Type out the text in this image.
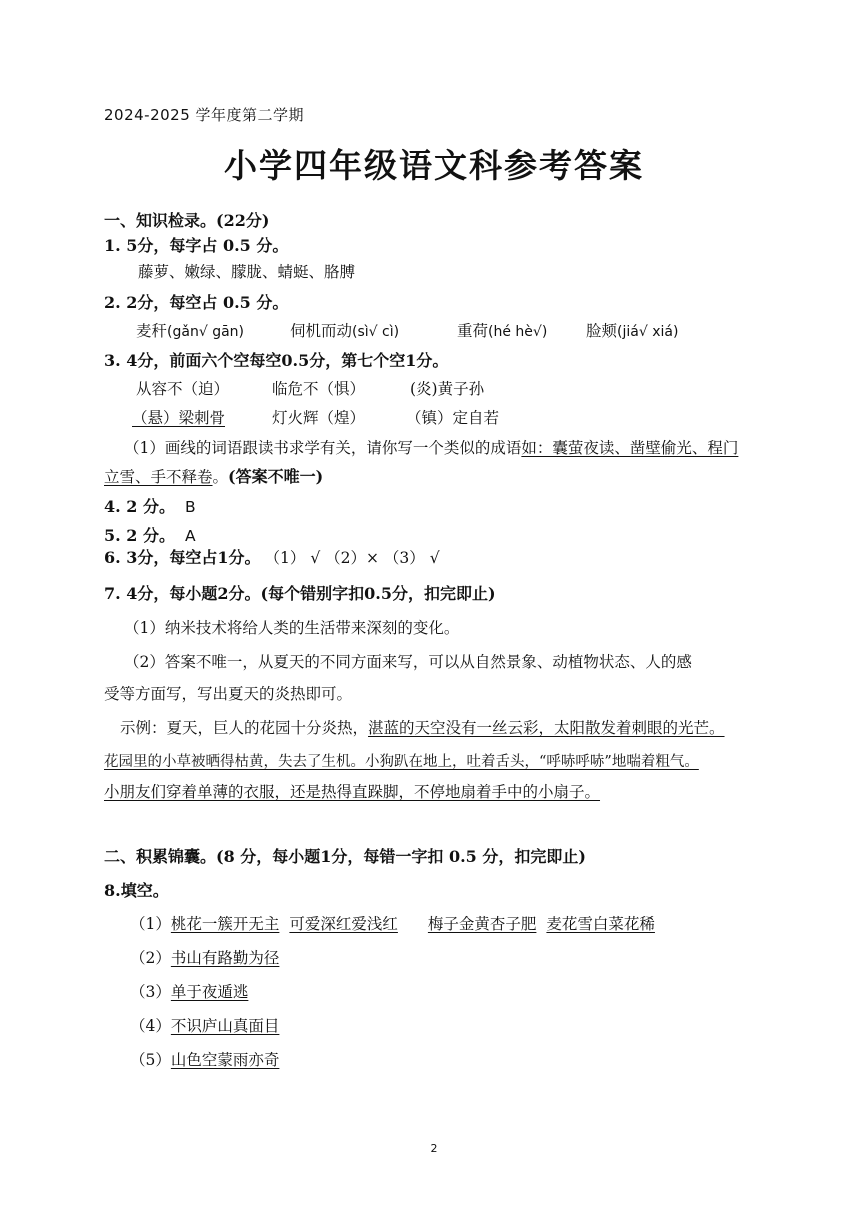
2024-2025 学年度第二学期
小学四年级语文科参考答案
一、知识检录。(22分)
1. 5分，每字占 0.5 分。
藤萝、嫩绿、朦胧、蜻蜓、胳膊
2. 2分，每空占 0.5 分。
麦秆(gǎn√ gān)	伺机而动(sì√ cì)	重荷(hé hè√) 脸颊(jiá√ xiá)
3. 4分，前面六个空每空0.5分，第七个空1分。
从容不（迫）	临危不（惧）	(炎)黄子孙
（悬）梁刺骨	灯火辉（煌）	（镇）定自若
（1）画线的词语跟读书求学有关，请你写一个类似的成语如：囊萤夜读、凿壁偷光、程门
立雪、手不释卷。(答案不唯一)
4. 2 分。 B
5. 2 分。 A
6. 3分，每空占1分。 （1） √ （2）× （3） √
7. 4分，每小题2分。(每个错别字扣0.5分，扣完即止)
（1）纳米技术将给人类的生活带来深刻的变化。
（2）答案不唯一，从夏天的不同方面来写，可以从自然景象、动植物状态、人的感
受等方面写，写出夏天的炎热即可。
示例：夏天，巨人的花园十分炎热，湛蓝的天空没有一丝云彩，太阳散发着刺眼的光芒。
花园里的小草被晒得枯黄，失去了生机。小狗趴在地上，吐着舌头，“呼哧呼哧”地喘着粗气。
小朋友们穿着单薄的衣服，还是热得直跺脚，不停地扇着手中的小扇子。
二、积累锦囊。(8 分，每小题1分，每错一字扣 0.5 分，扣完即止)
8.填空。
（1）桃花一簇开无主 可爱深红爱浅红 梅子金黄杏子肥 麦花雪白菜花稀
（2）书山有路勤为径
（3）单于夜遁逃
（4）不识庐山真面目
（5）山色空蒙雨亦奇
2
